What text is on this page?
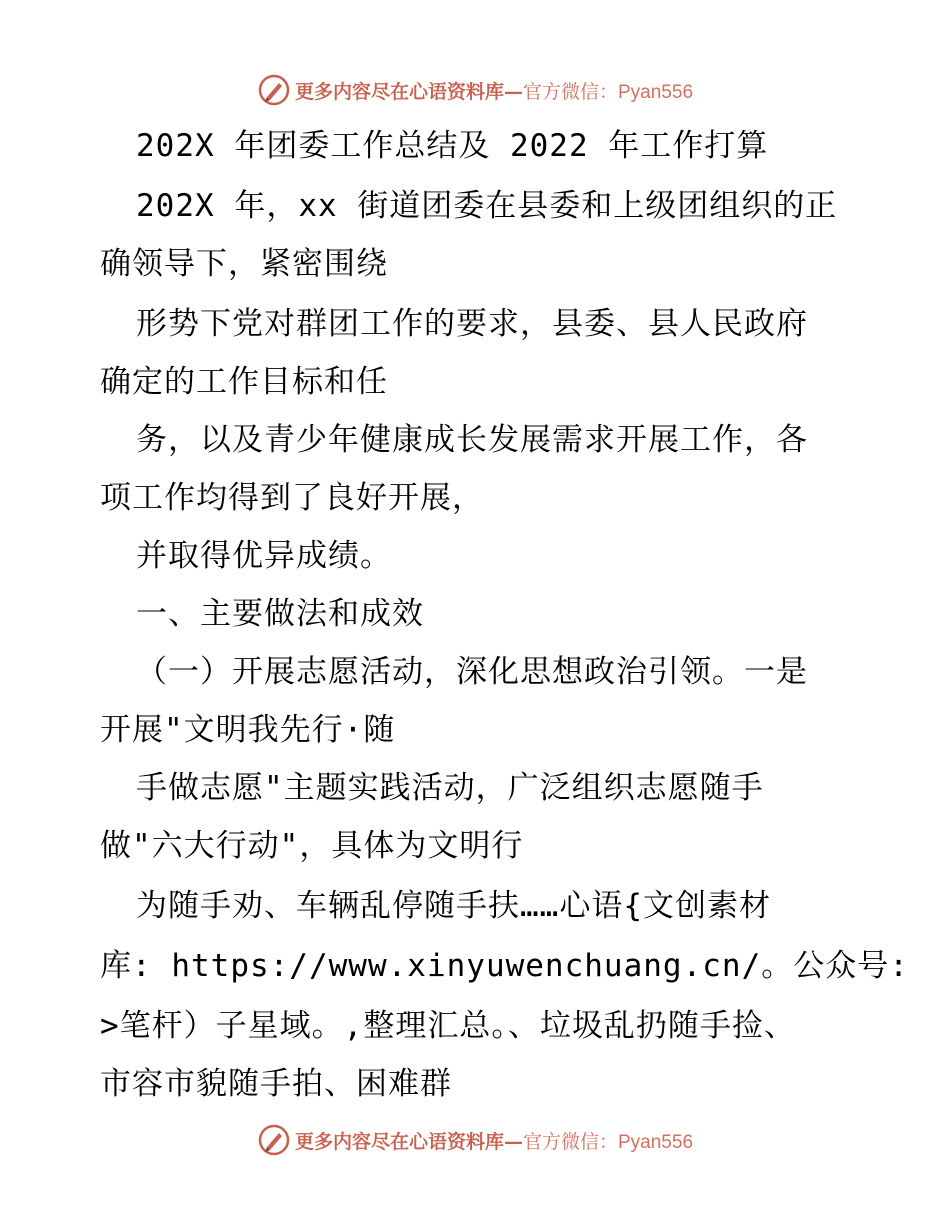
更多内容尽在心语资料库—官方微信：Pyan556
202X 年团委工作总结及 2022 年工作打算
202X 年，xx 街道团委在县委和上级团组织的正
确领导下，紧密围绕
形势下党对群团工作的要求，县委、县人民政府
确定的工作目标和任
务，以及青少年健康成长发展需求开展工作，各
项工作均得到了良好开展，
并取得优异成绩。
一、主要做法和成效
（一）开展志愿活动，深化思想政治引领。一是
开展"文明我先行·随
手做志愿"主题实践活动，广泛组织志愿随手
做"六大行动"，具体为文明行
为随手劝、车辆乱停随手扶……心语{文创素材
库: https://www.xinyuwenchuang.cn/。公众号:
>笔杆）子星域。,整理汇总。、垃圾乱扔随手捡、
市容市貌随手拍、困难群
更多内容尽在心语资料库—官方微信：Pyan556
